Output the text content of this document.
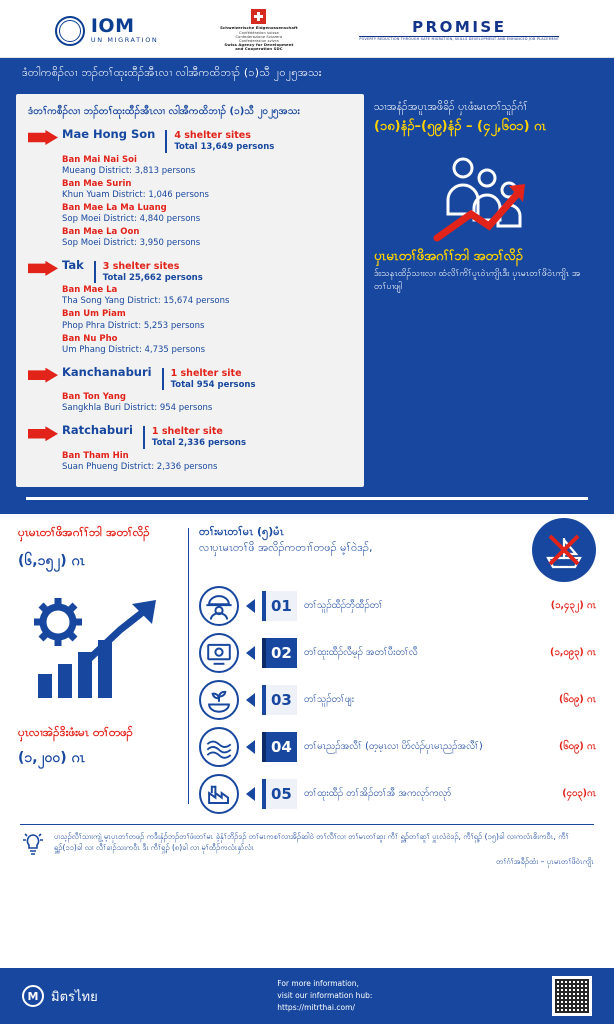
IOM
UN MIGRATION
Schweizerische Eidgenossenschaft
Confédération suisse
Confederazione Svizzera
Confederaziun svizra

Swiss Agency for Development
and Cooperation SDC
PROMISE
POVERTY REDUCTION THROUGH SAFE MIGRATION, SKILLS DEVELOPMENT AND ENHANCED JOB PLACEMENT
ဒံတါကစိၣ်လၢ ဘၣ်တၢ်ထုးထီၣ်အီၤလၢ လါအီကထိဘၢၣ် (၁)သီ ၂၀၂၅အသး
ဒံတၢ်ကစီၣ်လၢ ဘၣ်တၢ်ထုးထီၣ်အီၤလၢ လါအီကထိဘၢၣ် (၁)သီ ၂၀၂၅အသး
Mae Hong Son	4 shelter sites
Total 13,649 persons
Ban Mai Nai Soi
Mueang District: 3,813 persons
Ban Mae Surin
Khun Yuam District: 1,046 persons
Ban Mae La Ma Luang
Sop Moei District: 4,840 persons
Ban Mae La Oon
Sop Moei District: 3,950 persons
Tak	3 shelter sites
Total 25,662 persons
Ban Mae La
Tha Song Yang District: 15,674 persons
Ban Um Piam
Phop Phra District: 5,253 persons
Ban Nu Pho
Um Phang District: 4,735 persons
Kanchanaburi	1 shelter site
Total 954 persons
Ban Ton Yang
Sangkhla Buri District: 954 persons
Ratchaburi	1 shelter site
Total 2,336 persons
Ban Tham Hin
Suan Phueng District: 2,336 persons
သၢအနံၣ်အပူၤအဖိခိၣ် ပှၤဖံးမၤတၢ်သူၣ်ဂံၢ်
(၁၈)နံၣ်–(၅၉)နံၣ် – (၄၂,၆၀၁) ဂၤ
ပှၤမၤတၢ်ဖိအဂၢ်ၢ်ဘါ အတၢ်လိၣ်
ဒ်းသနၤထိၣ်သၢးလၢ ထံလိၢ်ကိၢ်ပူၤဝဲၤကျိၤဒီး ပှၤမၤတၢ်ဖိဝဲၤကျိၤ အတၢ်ပၢဖျါ
ပှၤမၤတၢ်ဖိအဂၢ်ၢ်ဘါ အတၢ်လိၣ်
(၆,၁၅၂) ဂၤ
ပှၤလၢအဲၣ်ဒိးဖံးမၤ တၢ်တဖၣ်
(၁,၂၀၀) ဂၤ
တၢ်းမၤတၢ်မၤ (၅)မံၤ
လၢပှၤမၤတၢ်ဖိ အလိၣ်ကတၢၢ်တဖၣ် မ့ၢ်ဝဲဒၣ်,
01	တၢ်သူၣ်ထီၣ်ဘှီထီၣ်တၢ်	(၁,၄၃၂) ဂၤ
02	တၢ်ထုးထီၣ်လီမ့ၣ် အတၢ်ပီးတၢ်လီ	(၁,၀၉၃) ဂၤ
03	တၢ်သူၣ်တၢ်ဖျး	(၆၀၉) ဂၤ
04	တၢ်မၤညၣ်အလီၢ် (တ့မ့ၤလၢ ပိာ်လံၣ်ပှၤမၤညၣ်အလီၢ်)	(၆၀၉) ဂၤ
05	တၢ်ထုးထီၣ် တၢ်အိၣ်တၢ်အီ အကလုာ်ကလုာ်	(၄၀၃)ဂၤ
ပၢသ့ၣ်လီၢ်သၢးကျဲ့ မ့ၤပှၤတၢ်တဖၣ် ကဒီးနှံၣ်ဘၣ်တၢ်ဖံးတၢ်မၤ ခဲ့နှံၢ်ဘိၣ်ဒၣ် တၢ်မၤကစၢ်လၢအိၣ်ဆါဝဲ တၢ်လီၢ်လၢ တၢ်မၤတၢ်ဆူး ကီၢ် ရှူ့ၣ်တၢ်ဆူၢ် ပှူၤလံဝဲဒၣ်, ကီၢ်ရှ့ၣ် (၁၅)ခါ လၢကလံၤစိးကဝီၤ, ကီၢ်ရှူ့ၣ်(၁၁)ခါ လၢ လီၢ်ခၢၣ်သးကဝီၤ ဒီး ကီၢ်ရှ့ၣ် (၈)ခါ လၢ မုၢ်ထီၣ်ကလံၤနှာ်လံၤ
တၢ်ဂံၢ်အခီၣ်ထံး – ပှၤမၤတၢ်ဖိဝဲၤကျိၤ
M มิตรไทย
For more information,
visit our information hub:
https://mitrthai.com/
